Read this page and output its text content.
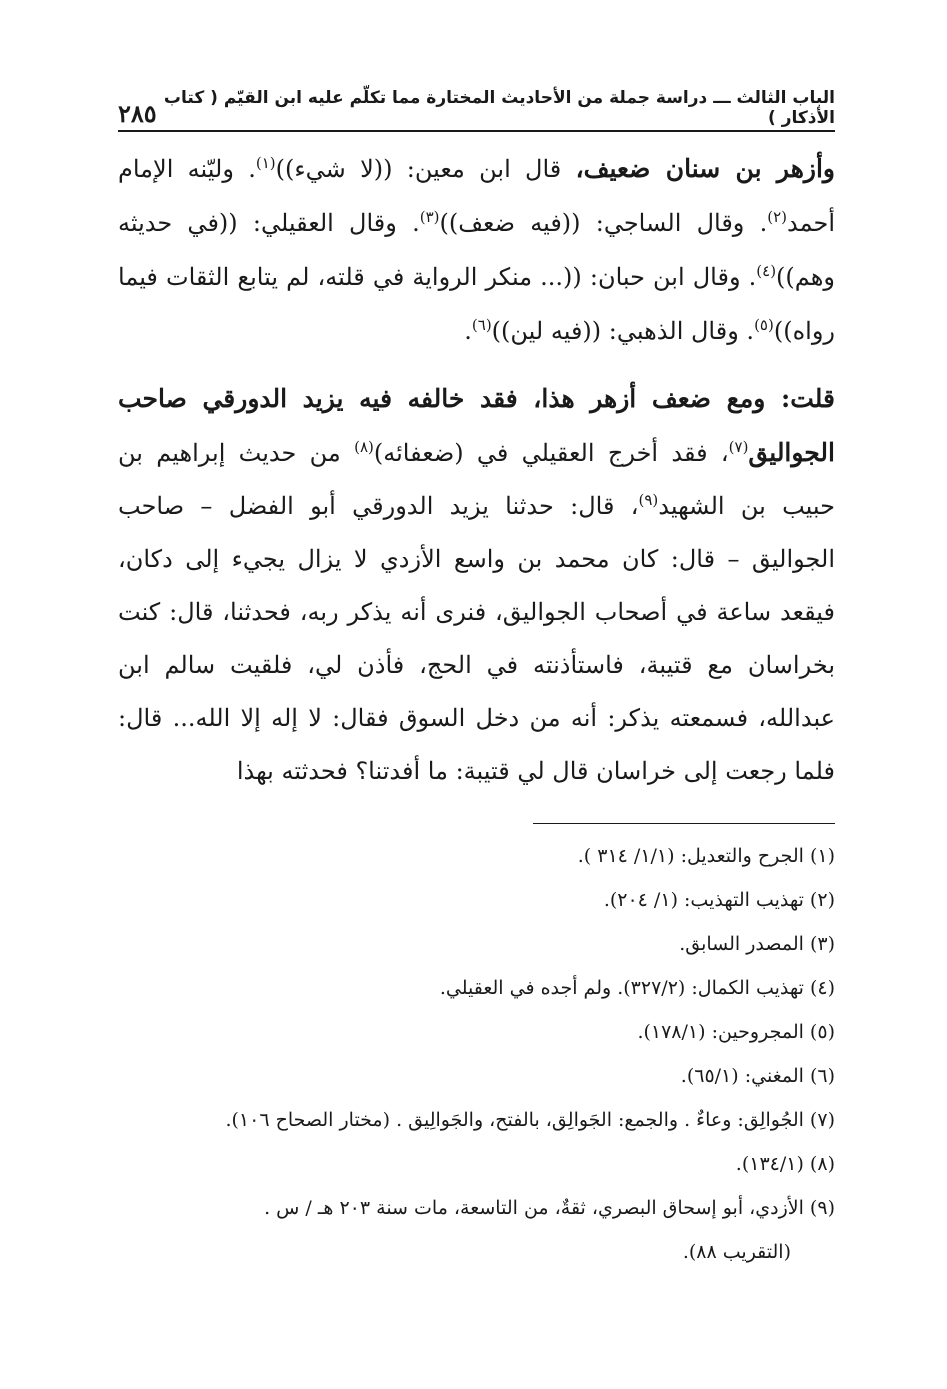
الباب الثالث ـــ دراسة جملة من الأحاديث المختارة مما تكلّم عليه ابن القيّم ( كتاب الأذكار )
٢٨٥
وأزهر بن سنان ضعيف، قال ابن معين: ((لا شيء))$^{(١)}$. وليّنه الإمام أحمد$^{(٢)}$. وقال الساجي: ((فيه ضعف))$^{(٣)}$. وقال العقيلي: ((في حديثه وهم))$^{(٤)}$. وقال ابن حبان: ((... منكر الرواية في قلته، لم يتابع الثقات فيما رواه))$^{(٥)}$. وقال الذهبي: ((فيه لين))$^{(٦)}$.
قلت: ومع ضعف أزهر هذا، فقد خالفه فيه يزيد الدورقي صاحب الجواليق$^{(٧)}$، فقد أخرج العقيلي في (ضعفائه)$^{(٨)}$ من حديث إبراهيم بن حبيب بن الشهيد$^{(٩)}$، قال: حدثنا يزيد الدورقي أبو الفضل – صاحب الجواليق – قال: كان محمد بن واسع الأزدي لا يزال يجيء إلى دكان، فيقعد ساعة في أصحاب الجواليق، فنرى أنه يذكر ربه، فحدثنا، قال: كنت بخراسان مع قتيبة، فاستأذنته في الحج، فأذن لي، فلقيت سالم ابن عبدالله، فسمعته يذكر: أنه من دخل السوق فقال: لا إله إلا الله... قال: فلما رجعت إلى خراسان قال لي قتيبة: ما أفدتنا؟ فحدثته بهذا
(١) الجرح والتعديل: (١/١/ ٣١٤ ).
(٢) تهذيب التهذيب: (١/ ٢٠٤).
(٣) المصدر السابق.
(٤) تهذيب الكمال: (٣٢٧/٢). ولم أجده في العقيلي.
(٥) المجروحين: (١٧٨/١).
(٦) المغني: (٦٥/١).
(٧) الجُوالِق: وعاءٌ . والجمع: الجَوالِق، بالفتح، والجَوالِيق . (مختار الصحاح ١٠٦).
(٨) (١٣٤/١).
(٩) الأزدي، أبو إسحاق البصري، ثقةٌ، من التاسعة، مات سنة ٢٠٣ هـ / س .
(التقريب ٨٨).
